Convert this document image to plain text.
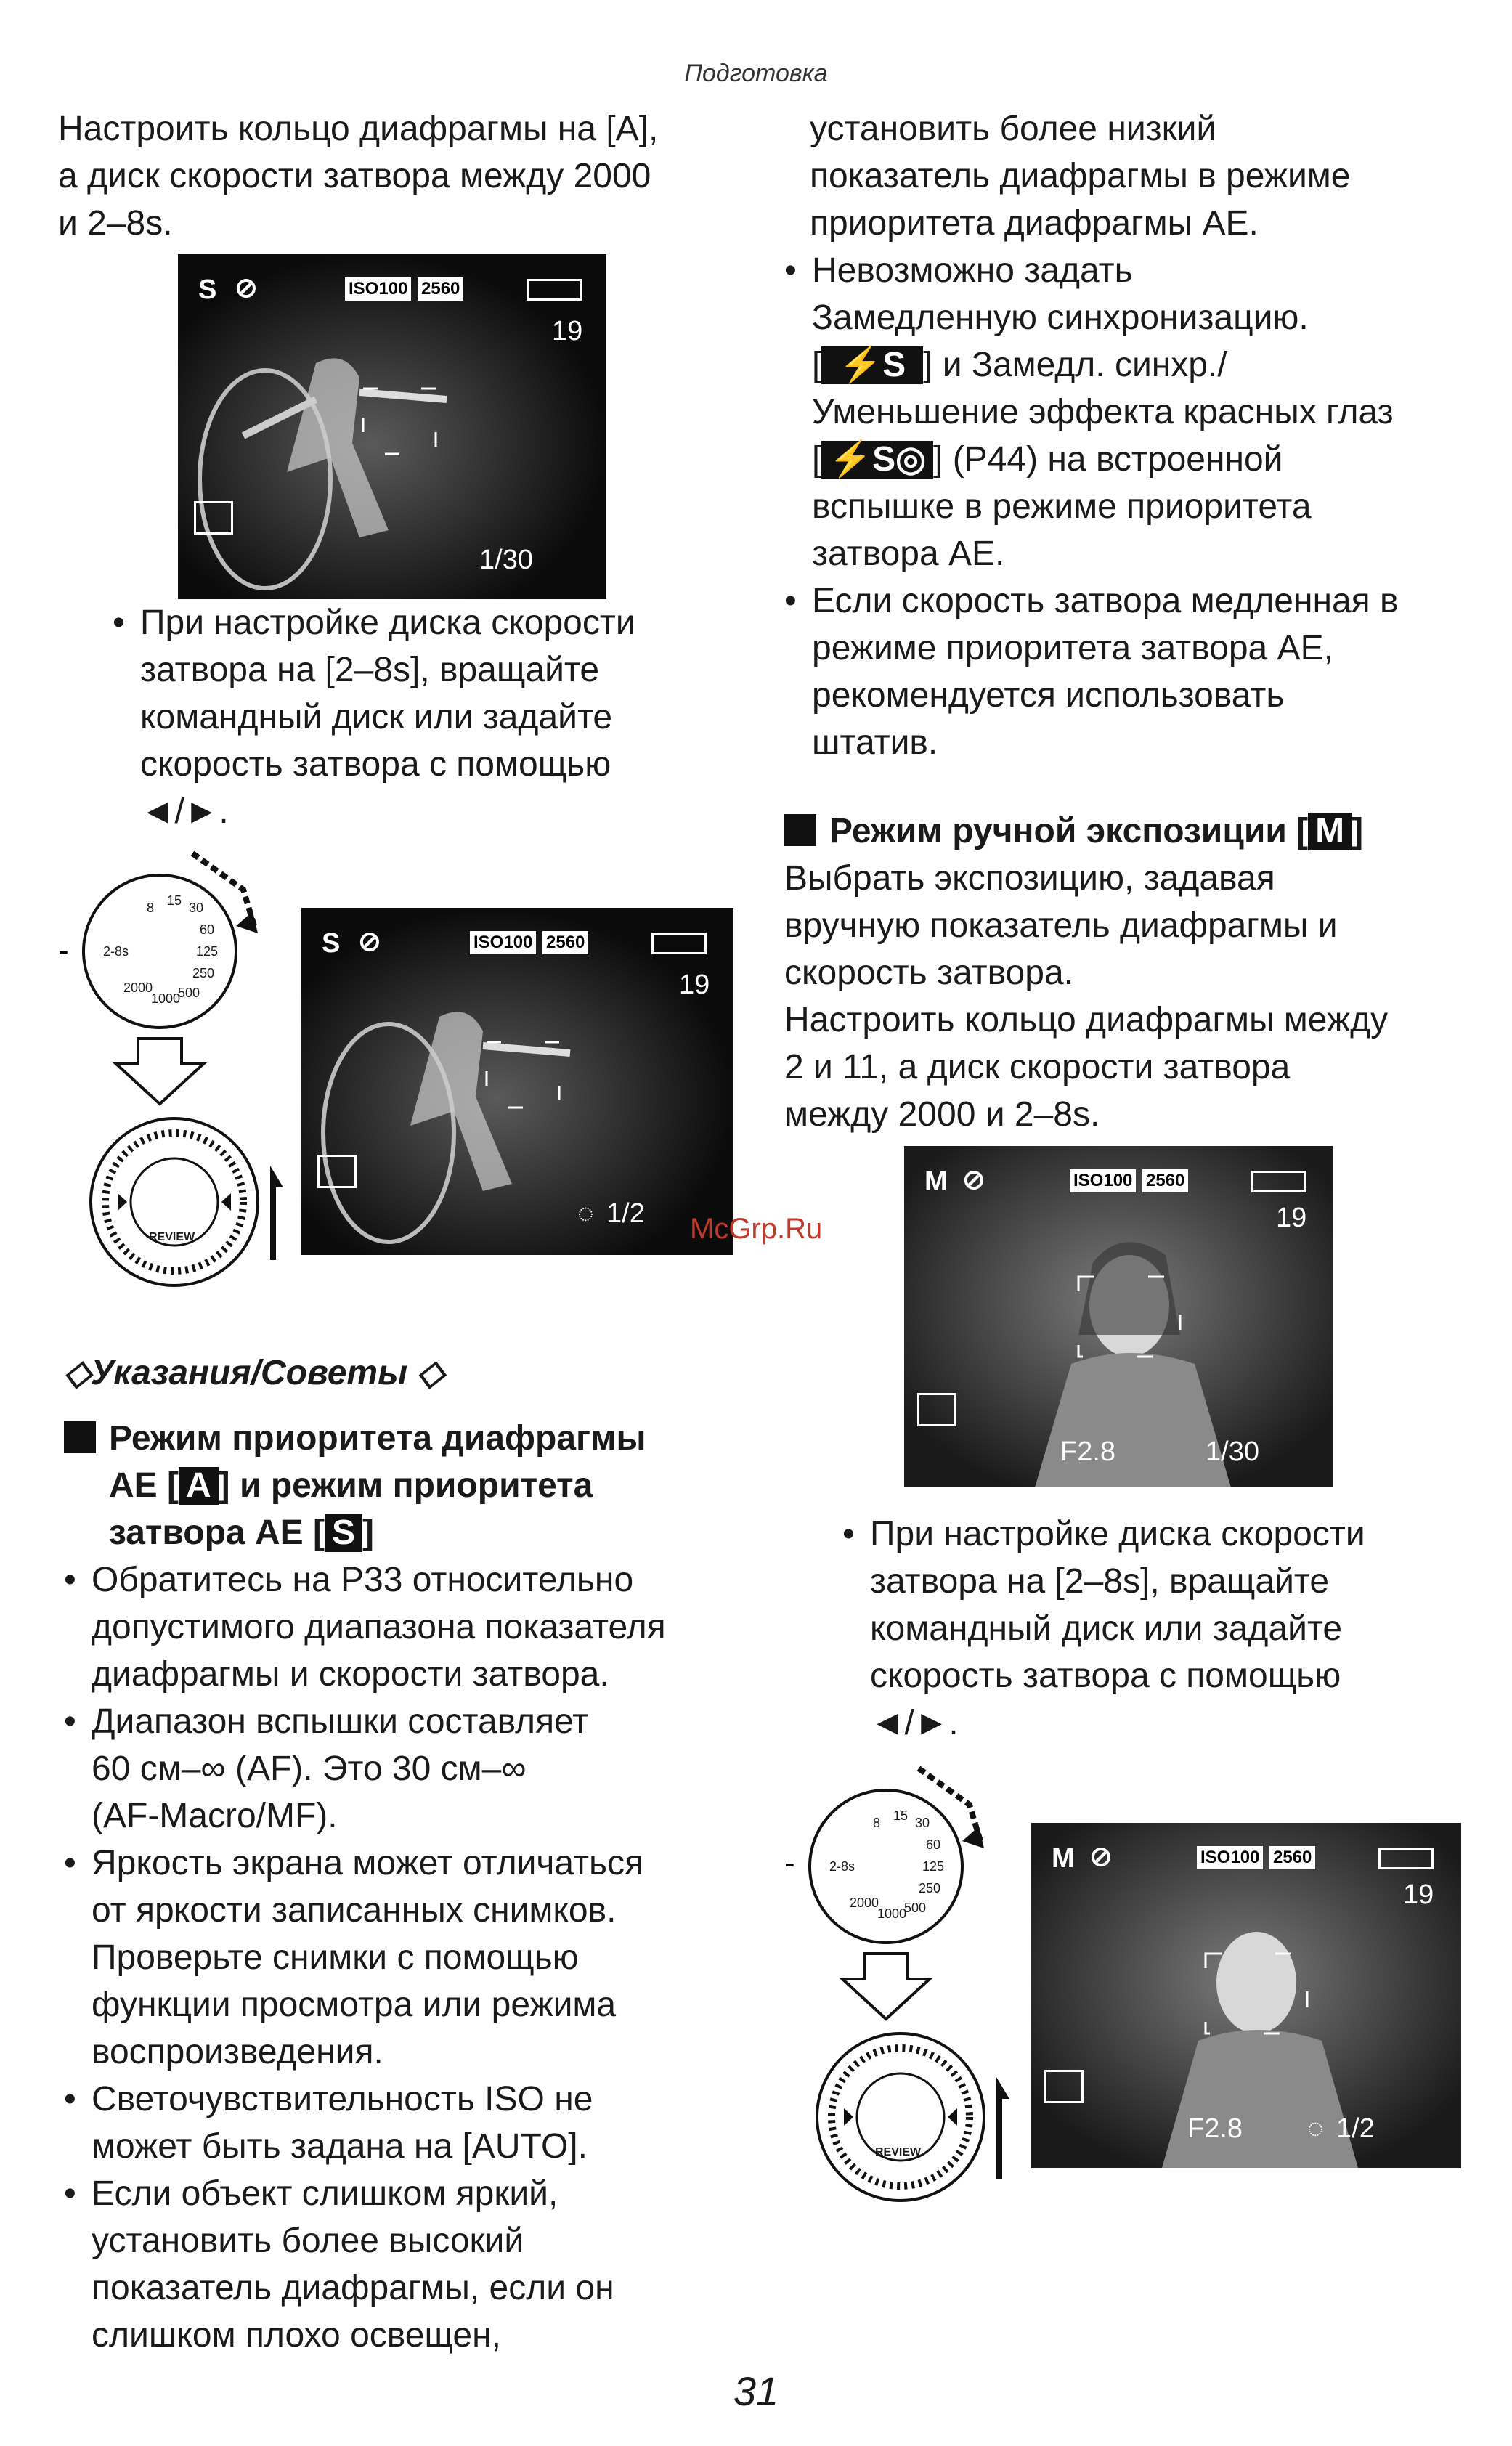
Подготовка

Настроить кольцо диафрагмы на [A],

а диск скорости затвора между 2000

и 2–8s.

S ⊘	ISO100 2560
19
1/30

• При настройке диска скорости

затвора на [2–8s], вращайте

командный диск или задайте

скорость затвора с помощью

◄/►.

-
8 15 30
60
125
250
500
1000
2000
2-8s
REVIEW
S ⊘	ISO100 2560
19
◌ 1/2 McGrp.Ru
◇Указания/Советы ◇

Режим приоритета диафрагмы

AE [ A ] и режим приоритета

затвора AE [ S ]

• Обратитесь на P33 относительно

допустимого диапазона показателя

диафрагмы и скорости затвора.

• Диапазон вспышки составляет

60 см–∞ (AF). Это 30 см–∞

(AF-Macro/MF).

• Яркость экрана может отличаться

от яркости записанных снимков.

Проверьте снимки с помощью

функции просмотра или режима

воспроизведения.

• Светочувствительность ISO не

может быть задана на [AUTO].

• Если объект слишком яркий,

установить более высокий

показатель диафрагмы, если он

слишком плохо освещен,

установить более низкий

показатель диафрагмы в режиме

приоритета диафрагмы AE.

• Невозможно задать

Замедленную синхронизацию.

[ ⚡S ] и Замедл. синхр./

Уменьшение эффекта красных глаз

[ ⚡S◎ ] (P44) на встроенной

вспышке в режиме приоритета

затвора AE.

• Если скорость затвора медленная в

режиме приоритета затвора AE,

рекомендуется использовать

штатив.

Режим ручной экспозиции [ M ]

Выбрать экспозицию, задавая

вручную показатель диафрагмы и

скорость затвора.

Настроить кольцо диафрагмы между

2 и 11, а диск скорости затвора

между 2000 и 2–8s.

M ⊘	ISO100 2560
19
F2.8	1/30

• При настройке диска скорости

затвора на [2–8s], вращайте

командный диск или задайте

скорость затвора с помощью

◄/►.

-
8 15 30
60
125
250
500
1000
2000
2-8s
REVIEW
M ⊘	ISO100 2560
19
F2.8 ◌ 1/2
31
